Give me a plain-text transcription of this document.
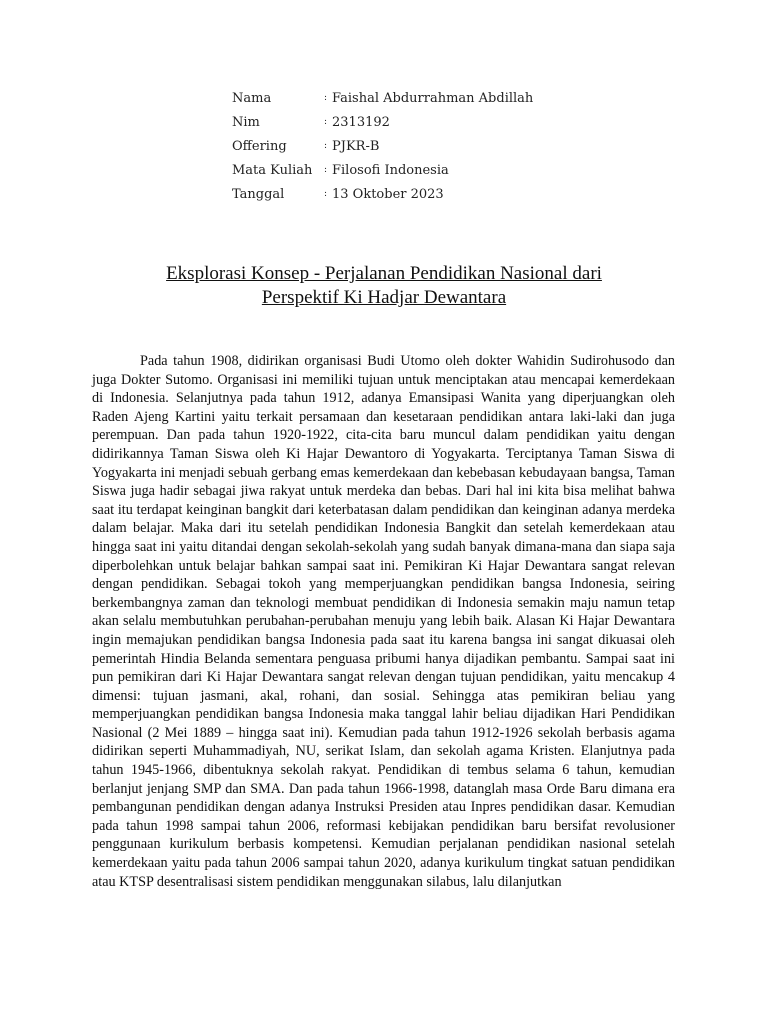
Nama	: Faishal Abdurrahman Abdillah
Nim	: 2313192
Offering	: PJKR-B
Mata Kuliah	: Filosofi Indonesia
Tanggal	: 13 Oktober 2023
Eksplorasi Konsep - Perjalanan Pendidikan Nasional dari
Perspektif Ki Hadjar Dewantara
Pada tahun 1908, didirikan organisasi Budi Utomo oleh dokter Wahidin Sudirohusodo dan juga Dokter Sutomo. Organisasi ini memiliki tujuan untuk menciptakan atau mencapai kemerdekaan di Indonesia. Selanjutnya pada tahun 1912, adanya Emansipasi Wanita yang diperjuangkan oleh Raden Ajeng Kartini yaitu terkait persamaan dan kesetaraan pendidikan antara laki-laki dan juga perempuan. Dan pada tahun 1920-1922, cita-cita baru muncul dalam pendidikan yaitu dengan didirikannya Taman Siswa oleh Ki Hajar Dewantoro di Yogyakarta. Terciptanya Taman Siswa di Yogyakarta ini menjadi sebuah gerbang emas kemerdekaan dan kebebasan kebudayaan bangsa, Taman Siswa juga hadir sebagai jiwa rakyat untuk merdeka dan bebas. Dari hal ini kita bisa melihat bahwa saat itu terdapat keinginan bangkit dari keterbatasan dalam pendidikan dan keinginan adanya merdeka dalam belajar. Maka dari itu setelah pendidikan Indonesia Bangkit dan setelah kemerdekaan atau hingga saat ini yaitu ditandai dengan sekolah-sekolah yang sudah banyak dimana-mana dan siapa saja diperbolehkan untuk belajar bahkan sampai saat ini. Pemikiran Ki Hajar Dewantara sangat relevan dengan pendidikan. Sebagai tokoh yang memperjuangkan pendidikan bangsa Indonesia, seiring berkembangnya zaman dan teknologi membuat pendidikan di Indonesia semakin maju namun tetap akan selalu membutuhkan perubahan-perubahan menuju yang lebih baik. Alasan Ki Hajar Dewantara ingin memajukan pendidikan bangsa Indonesia pada saat itu karena bangsa ini sangat dikuasai oleh pemerintah Hindia Belanda sementara penguasa pribumi hanya dijadikan pembantu. Sampai saat ini pun pemikiran dari Ki Hajar Dewantara sangat relevan dengan tujuan pendidikan, yaitu mencakup 4 dimensi: tujuan jasmani, akal, rohani, dan sosial. Sehingga atas pemikiran beliau yang memperjuangkan pendidikan bangsa Indonesia maka tanggal lahir beliau dijadikan Hari Pendidikan Nasional (2 Mei 1889 – hingga saat ini). Kemudian pada tahun 1912-1926 sekolah berbasis agama didirikan seperti Muhammadiyah, NU, serikat Islam, dan sekolah agama Kristen. Elanjutnya pada tahun 1945-1966, dibentuknya sekolah rakyat. Pendidikan di tembus selama 6 tahun, kemudian berlanjut jenjang SMP dan SMA. Dan pada tahun 1966-1998, datanglah masa Orde Baru dimana era pembangunan pendidikan dengan adanya Instruksi Presiden atau Inpres pendidikan dasar. Kemudian pada tahun 1998 sampai tahun 2006, reformasi kebijakan pendidikan baru bersifat revolusioner penggunaan kurikulum berbasis kompetensi. Kemudian perjalanan pendidikan nasional setelah kemerdekaan yaitu pada tahun 2006 sampai tahun 2020, adanya kurikulum tingkat satuan pendidikan atau KTSP desentralisasi sistem pendidikan menggunakan silabus, lalu dilanjutkan
